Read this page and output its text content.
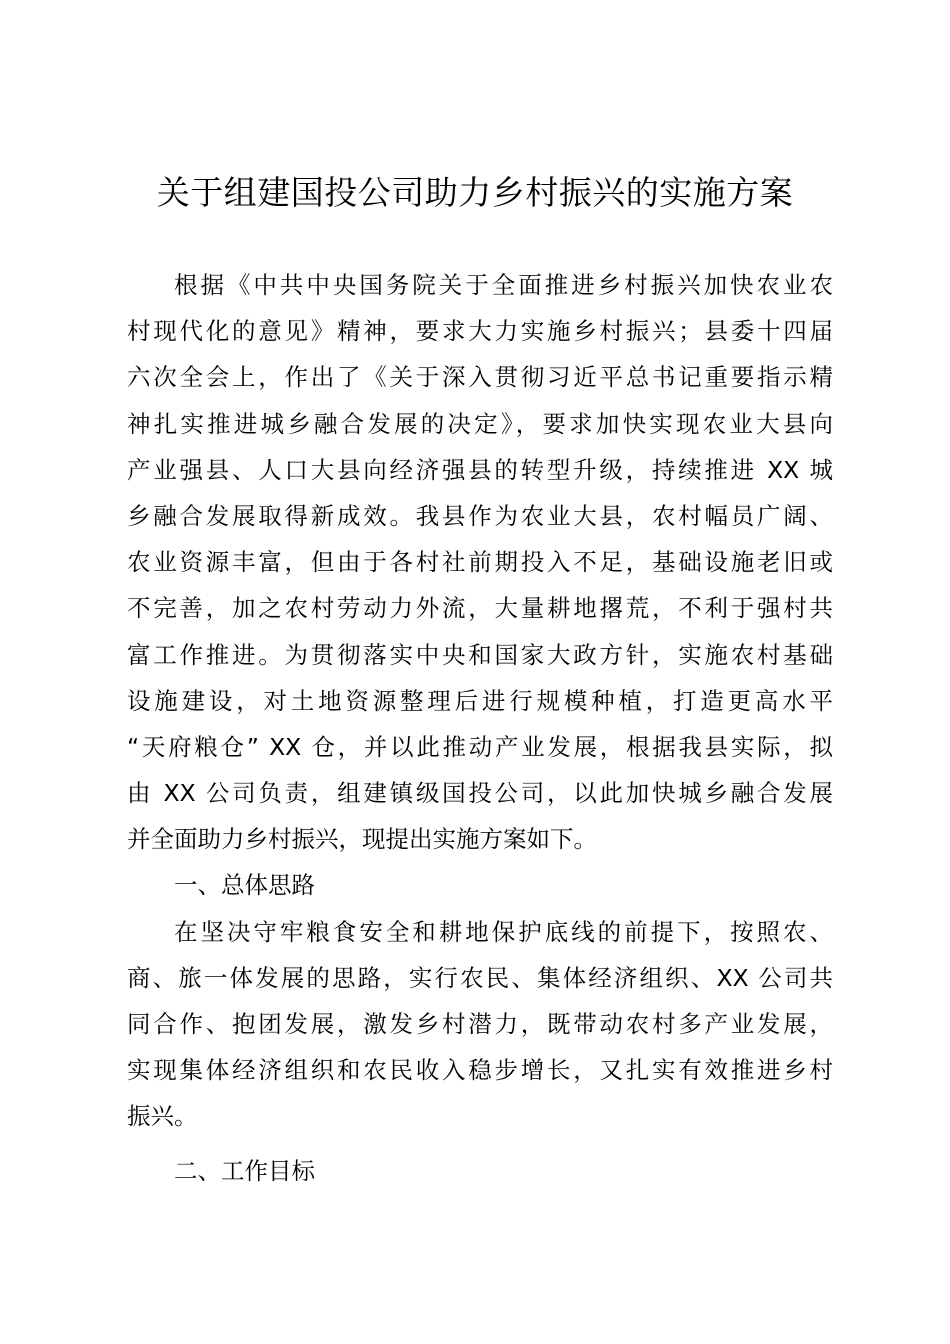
关于组建国投公司助力乡村振兴的实施方案
根据《中共中央国务院关于全面推进乡村振兴加快农业农
村现代化的意见》精神，要求大力实施乡村振兴；县委十四届
六次全会上，作出了《关于深入贯彻习近平总书记重要指示精
神扎实推进城乡融合发展的决定》，要求加快实现农业大县向
产业强县、人口大县向经济强县的转型升级，持续推进 XX 城
乡融合发展取得新成效。我县作为农业大县，农村幅员广阔、
农业资源丰富，但由于各村社前期投入不足，基础设施老旧或
不完善，加之农村劳动力外流，大量耕地撂荒，不利于强村共
富工作推进。为贯彻落实中央和国家大政方针，实施农村基础
设施建设，对土地资源整理后进行规模种植，打造更高水平
“天府粮仓” XX 仓，并以此推动产业发展，根据我县实际，拟
由 XX 公司负责，组建镇级国投公司，以此加快城乡融合发展
并全面助力乡村振兴，现提出实施方案如下。
一、总体思路
在坚决守牢粮食安全和耕地保护底线的前提下，按照农、
商、旅一体发展的思路，实行农民、集体经济组织、XX 公司共
同合作、抱团发展，激发乡村潜力，既带动农村多产业发展，
实现集体经济组织和农民收入稳步增长，又扎实有效推进乡村
振兴。
二、工作目标
